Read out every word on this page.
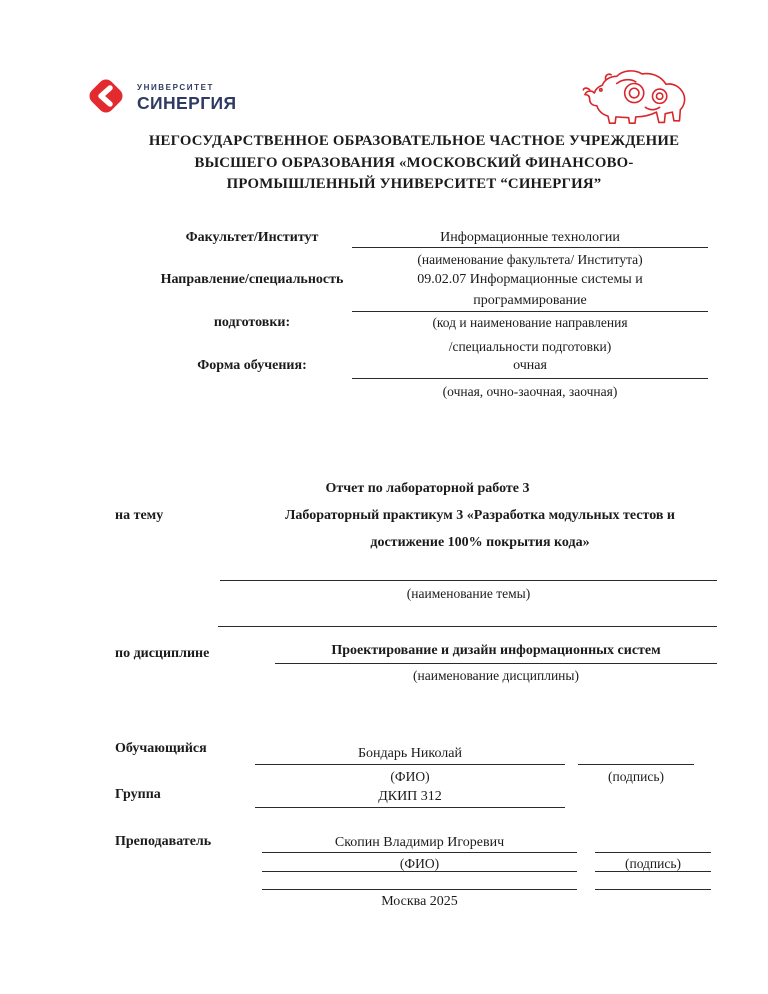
УНИВЕРСИТЕТ
СИНЕРГИЯ
НЕГОСУДАРСТВЕННОЕ ОБРАЗОВАТЕЛЬНОЕ ЧАСТНОЕ УЧРЕЖДЕНИЕ
ВЫСШЕГО ОБРАЗОВАНИЯ «МОСКОВСКИЙ ФИНАНСОВО-
ПРОМЫШЛЕННЫЙ УНИВЕРСИТЕТ “СИНЕРГИЯ”
Факультет/Институт	Информационные технологии
(наименование факультета/ Института)
Направление/специальность	09.02.07 Информационные системы и
программирование
подготовки:	(код и наименование направления
/специальности подготовки)
Форма обучения:	очная
(очная, очно-заочная, заочная)
Отчет по лабораторной работе 3
на тему	Лабораторный практикум 3 «Разработка модульных тестов и
достижение 100% покрытия кода»
(наименование темы)
по дисциплине	Проектирование и дизайн информационных систем
(наименование дисциплины)
Обучающийся	Бондарь Николай
(ФИО)	(подпись)
Группа	ДКИП 312
Преподаватель	Скопин Владимир Игоревич
(ФИО)	(подпись)
Москва 2025
